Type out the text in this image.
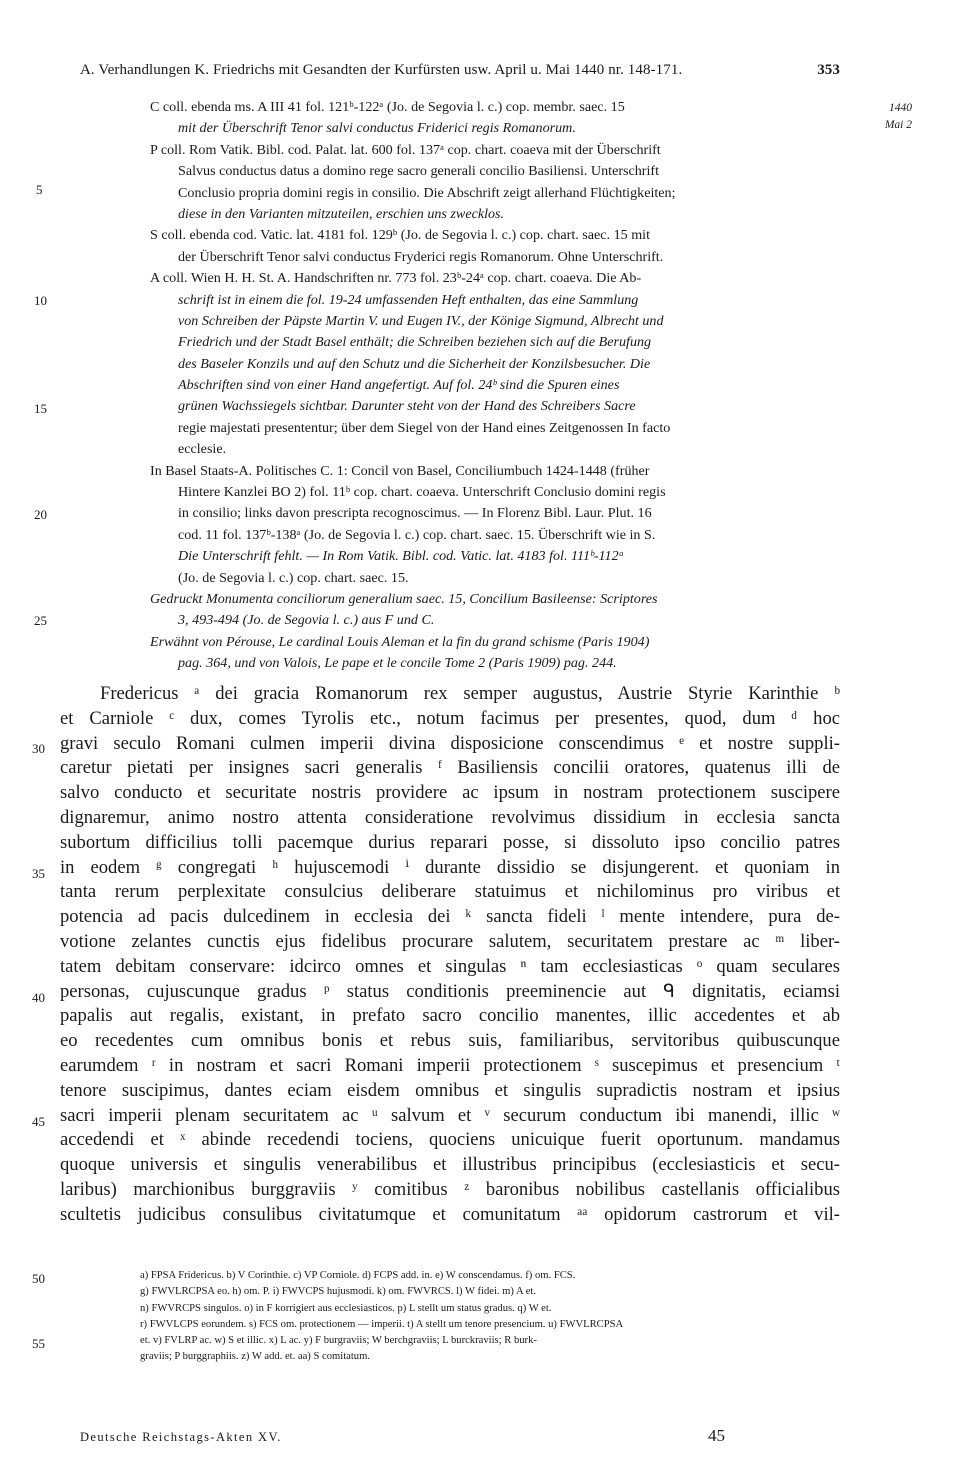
A. Verhandlungen K. Friedrichs mit Gesandten der Kurfürsten usw. April u. Mai 1440 nr. 148-171.	353
1440
Mai 2
5
10
15
20
25
30
35
40
45
50
55
C coll. ebenda ms. A III 41 fol. 121ᵇ-122ᵃ (Jo. de Segovia l. c.) cop. membr. saec. 15
mit der Überschrift Tenor salvi conductus Friderici regis Romanorum.
P coll. Rom Vatik. Bibl. cod. Palat. lat. 600 fol. 137ᵃ cop. chart. coaeva mit der Überschrift
Salvus conductus datus a domino rege sacro generali concilio Basiliensi. Unterschrift
Conclusio propria domini regis in consilio. Die Abschrift zeigt allerhand Flüchtigkeiten;
diese in den Varianten mitzuteilen, erschien uns zwecklos.
S coll. ebenda cod. Vatic. lat. 4181 fol. 129ᵇ (Jo. de Segovia l. c.) cop. chart. saec. 15 mit
der Überschrift Tenor salvi conductus Fryderici regis Romanorum. Ohne Unterschrift.
A coll. Wien H. H. St. A. Handschriften nr. 773 fol. 23ᵇ-24ᵃ cop. chart. coaeva. Die Ab-
schrift ist in einem die fol. 19-24 umfassenden Heft enthalten, das eine Sammlung
von Schreiben der Päpste Martin V. und Eugen IV., der Könige Sigmund, Albrecht und
Friedrich und der Stadt Basel enthält; die Schreiben beziehen sich auf die Berufung
des Baseler Konzils und auf den Schutz und die Sicherheit der Konzilsbesucher. Die
Abschriften sind von einer Hand angefertigt. Auf fol. 24ᵇ sind die Spuren eines
grünen Wachssiegels sichtbar. Darunter steht von der Hand des Schreibers Sacre
regie majestati presententur; über dem Siegel von der Hand eines Zeitgenossen In facto
ecclesie.
In Basel Staats-A. Politisches C. 1: Concil von Basel, Conciliumbuch 1424-1448 (früher
Hintere Kanzlei BO 2) fol. 11ᵇ cop. chart. coaeva. Unterschrift Conclusio domini regis
in consilio; links davon prescripta recognoscimus. — In Florenz Bibl. Laur. Plut. 16
cod. 11 fol. 137ᵇ-138ᵃ (Jo. de Segovia l. c.) cop. chart. saec. 15. Überschrift wie in S.
Die Unterschrift fehlt. — In Rom Vatik. Bibl. cod. Vatic. lat. 4183 fol. 111ᵇ-112ᵃ
(Jo. de Segovia l. c.) cop. chart. saec. 15.
Gedruckt Monumenta conciliorum generalium saec. 15, Concilium Basileense: Scriptores
3, 493-494 (Jo. de Segovia l. c.) aus F und C.
Erwähnt von Pérouse, Le cardinal Louis Aleman et la fin du grand schisme (Paris 1904)
pag. 364, und von Valois, Le pape et le concile Tome 2 (Paris 1909) pag. 244.
Fredericus ᵃ dei gracia Romanorum rex semper augustus, Austrie Styrie Karinthie ᵇ
et Carniole ᶜ dux, comes Tyrolis etc., notum facimus per presentes, quod, dum ᵈ hoc
gravi seculo Romani culmen imperii divina disposicione conscendimus ᵉ et nostre suppli-
caretur pietati per insignes sacri generalis ᶠ Basiliensis concilii oratores, quatenus illi de
salvo conducto et securitate nostris providere ac ipsum in nostram protectionem suscipere
dignaremur, animo nostro attenta consideratione revolvimus dissidium in ecclesia sancta
subortum difficilius tolli pacemque durius reparari posse, si dissoluto ipso concilio patres
in eodem ᵍ congregati ʰ hujuscemodi ⁱ durante dissidio se disjungerent. et quoniam in
tanta rerum perplexitate consulcius deliberare statuimus et nichilominus pro viribus et
potencia ad pacis dulcedinem in ecclesia dei ᵏ sancta fideli ˡ mente intendere, pura de-
votione zelantes cunctis ejus fidelibus procurare salutem, securitatem prestare ac ᵐ liber-
tatem debitam conservare: idcirco omnes et singulas ⁿ tam ecclesiasticas ᵒ quam seculares
personas, cujuscunque gradus ᵖ status conditionis preeminencie aut ᑫ dignitatis, eciamsi
papalis aut regalis, existant, in prefato sacro concilio manentes, illic accedentes et ab
eo recedentes cum omnibus bonis et rebus suis, familiaribus, servitoribus quibuscunque
earumdem ʳ in nostram et sacri Romani imperii protectionem ˢ suscepimus et presencium ᵗ
tenore suscipimus, dantes eciam eisdem omnibus et singulis supradictis nostram et ipsius
sacri imperii plenam securitatem ac ᵘ salvum et ᵛ securum conductum ibi manendi, illic ʷ
accedendi et ˣ abinde recedendi tociens, quociens unicuique fuerit oportunum. mandamus
quoque universis et singulis venerabilibus et illustribus principibus (ecclesiasticis et secu-
laribus) marchionibus burggraviis ʸ comitibus ᶻ baronibus nobilibus castellanis officialibus
scultetis judicibus consulibus civitatumque et comunitatum ᵃᵃ opidorum castrorum et vil-
a) FPSA Fridericus. b) V Corinthie. c) VP Corniole. d) FCPS add. in. e) W conscendamus. f) om. FCS.
g) FWVLRCPSA eo. h) om. P. i) FWVCPS hujusmodi. k) om. FWVRCS. l) W fidei. m) A et.
n) FWVRCPS singulos. o) in F korrigiert aus ecclesiasticos. p) L stellt um status gradus. q) W et.
r) FWVLCPS eorundem. s) FCS om. protectionem — imperii. t) A stellt um tenore presencium. u) FWVLRCPSA
et. v) FVLRP ac. w) S et illic. x) L ac. y) F burgraviis; W berchgraviis; L burckraviis; R burk-
graviis; P burggraphiis. z) W add. et. aa) S comitatum.
Deutsche Reichstags-Akten XV.	45
